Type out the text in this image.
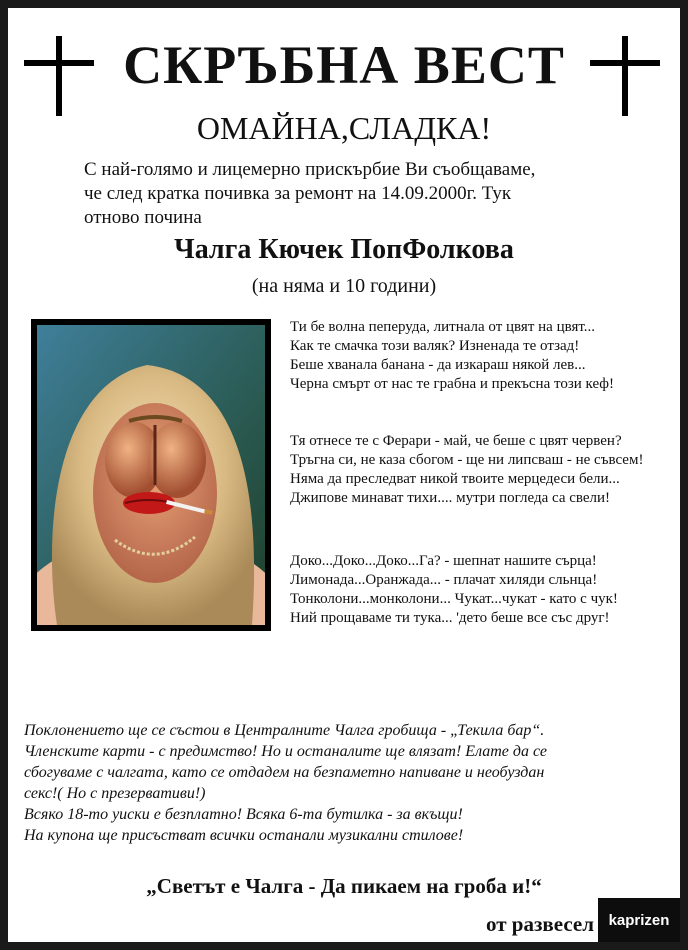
СКРЪБНА ВЕСТ
ОМАЙНА,СЛАДКА!
С най-голямо и лицемерно прискърбие Ви съобщаваме,
че след кратка почивка за ремонт на 14.09.2000г. Тук
отново почина
Чалга Кючек ПопФолкова
(на няма и 10 години)
Ти бе волна пеперуда, литнала от цвят на цвят...
Как те смачка този валяк? Изненада те отзад!
Беше хванала банана - да изкараш някой лев...
Черна смърт от нас те грабна и прекъсна този кеф!
Тя отнесе те с Ферари - май, че беше с цвят червен?
Тръгна си, не каза сбогом - ще ни липсваш - не съвсем!
Няма да преследват никой твоите мерцедеси бели...
Джипове минават тихи.... мутри погледа са свели!
Доко...Доко...Доко...Га? - шепнат нашите сърца!
Лимонада...Оранжада... - плачат хиляди сльнца!
Тонколони...монколони... Чукат...чукат - като с чук!
Ний прощаваме ти тука... 'дето беше все със друг!
Поклонението ще се състои в Централните Чалга гробища - „Текила бар“.
Членските карти - с предимство! Но и останалите ще влязат! Елате да се
сбогуваме с чалгата, като се отдадем на безпаметно напиване и необуздан
секс!( Но с презервативи!)
Всяко 18-то уиски е безплатно! Всяка 6-та бутилка - за вкъщи!
На купона ще присъстват всички останали музикални стилове!
„Светът е Чалга - Да пикаем на гроба и!“
от развесел kaprizen
